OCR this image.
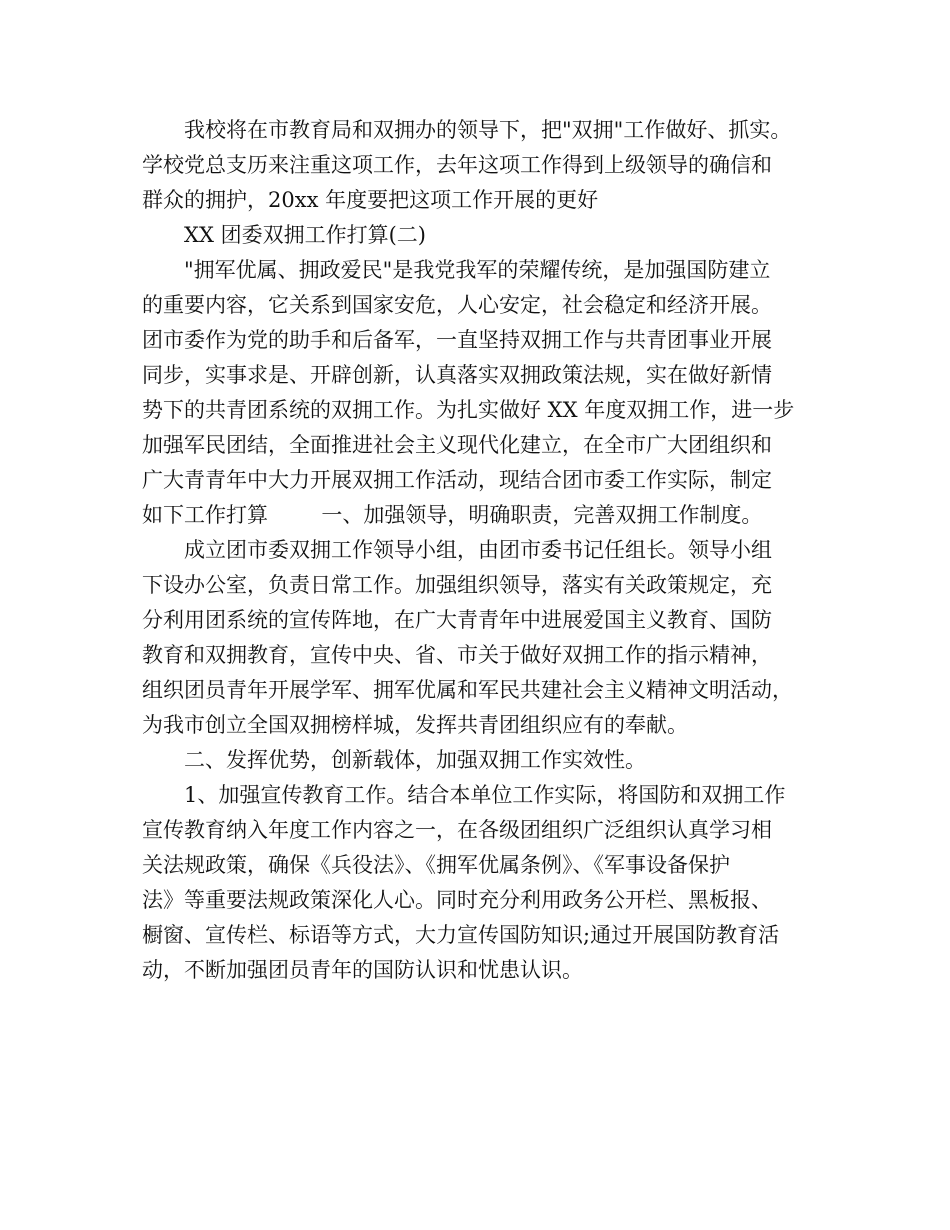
我校将在市教育局和双拥办的领导下，把"双拥"工作做好、抓实。
学校党总支历来注重这项工作，去年这项工作得到上级领导的确信和
群众的拥护，20xx 年度要把这项工作开展的更好
XX 团委双拥工作打算(二)
"拥军优属、拥政爱民"是我党我军的荣耀传统，是加强国防建立
的重要内容，它关系到国家安危，人心安定，社会稳定和经济开展。
团市委作为党的助手和后备军，一直坚持双拥工作与共青团事业开展
同步，实事求是、开辟创新，认真落实双拥政策法规，实在做好新情
势下的共青团系统的双拥工作。为扎实做好 XX 年度双拥工作，进一步
加强军民团结，全面推进社会主义现代化建立，在全市广大团组织和
广大青青年中大力开展双拥工作活动，现结合团市委工作实际，制定
如下工作打算        一、加强领导，明确职责，完善双拥工作制度。
成立团市委双拥工作领导小组，由团市委书记任组长。领导小组
下设办公室，负责日常工作。加强组织领导，落实有关政策规定，充
分利用团系统的宣传阵地，在广大青青年中进展爱国主义教育、国防
教育和双拥教育，宣传中央、省、市关于做好双拥工作的指示精神，
组织团员青年开展学军、拥军优属和军民共建社会主义精神文明活动，
为我市创立全国双拥榜样城，发挥共青团组织应有的奉献。
二、发挥优势，创新载体，加强双拥工作实效性。
1、加强宣传教育工作。结合本单位工作实际，将国防和双拥工作
宣传教育纳入年度工作内容之一，在各级团组织广泛组织认真学习相
关法规政策，确保《兵役法》、《拥军优属条例》、《军事设备保护
法》等重要法规政策深化人心。同时充分利用政务公开栏、黑板报、
橱窗、宣传栏、标语等方式，大力宣传国防知识;通过开展国防教育活
动，不断加强团员青年的国防认识和忧患认识。
